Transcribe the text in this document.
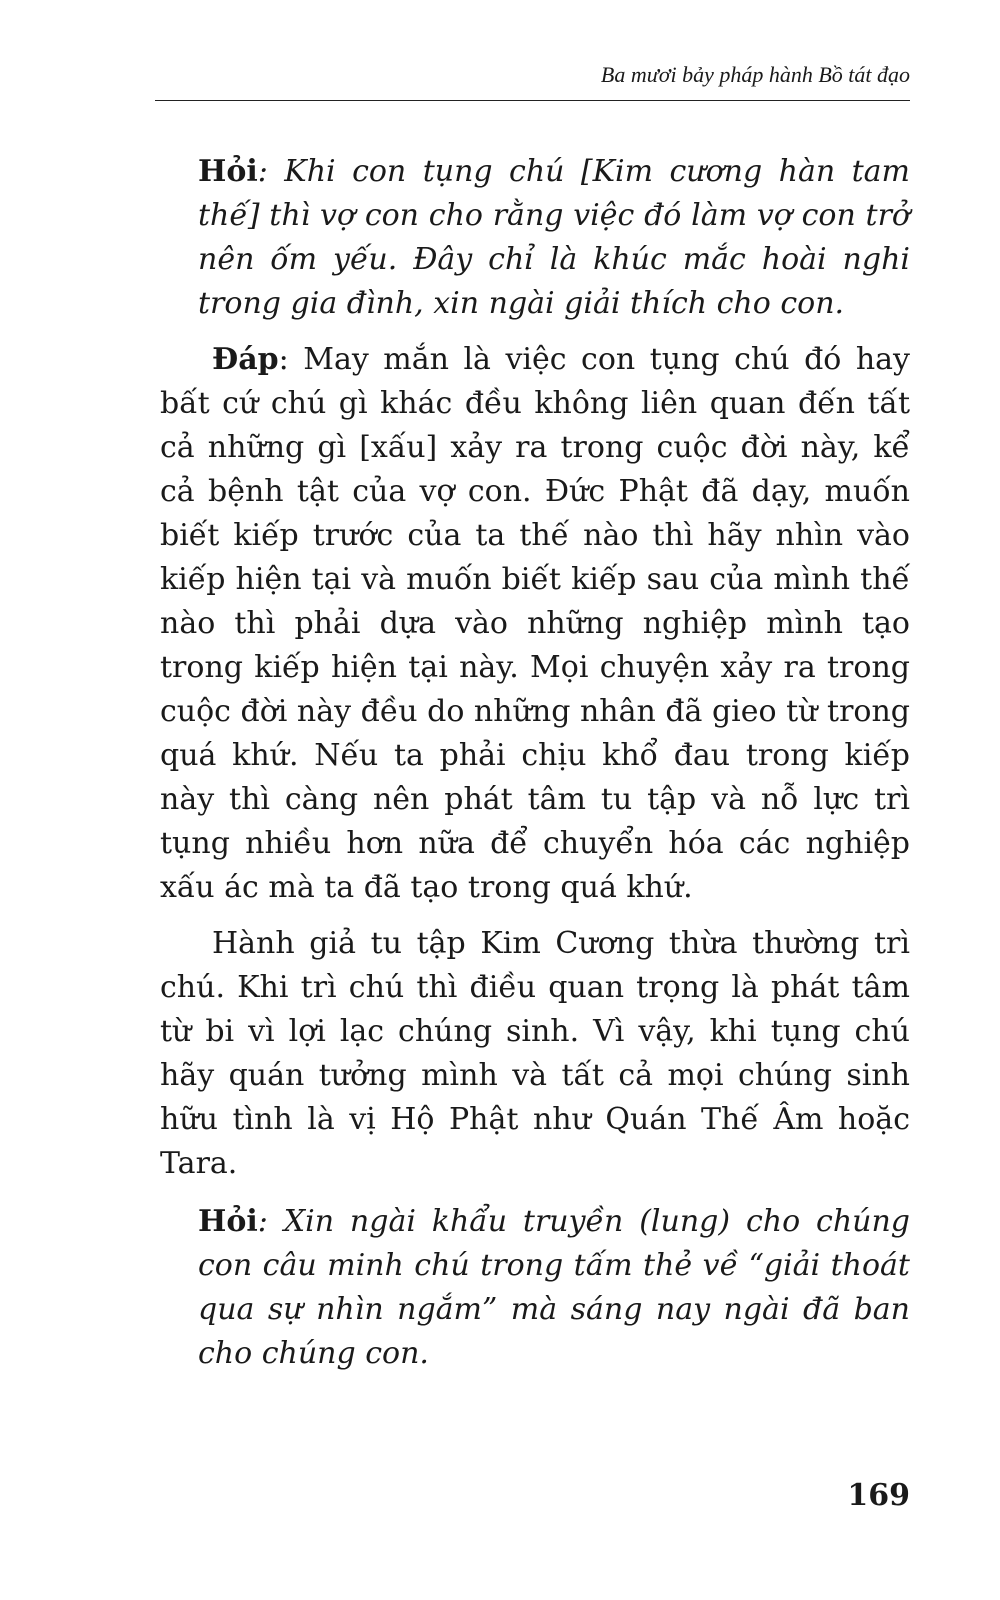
Ba mươi bảy pháp hành Bồ tát đạo

Hỏi: Khi con tụng chú [Kim cương hàn tam thế] thì vợ con cho rằng việc đó làm vợ con trở nên ốm yếu. Đây chỉ là khúc mắc hoài nghi trong gia đình, xin ngài giải thích cho con.

Đáp: May mắn là việc con tụng chú đó hay bất cứ chú gì khác đều không liên quan đến tất cả những gì [xấu] xảy ra trong cuộc đời này, kể cả bệnh tật của vợ con. Đức Phật đã dạy, muốn biết kiếp trước của ta thế nào thì hãy nhìn vào kiếp hiện tại và muốn biết kiếp sau của mình thế nào thì phải dựa vào những nghiệp mình tạo trong kiếp hiện tại này. Mọi chuyện xảy ra trong cuộc đời này đều do những nhân đã gieo từ trong quá khứ. Nếu ta phải chịu khổ đau trong kiếp này thì càng nên phát tâm tu tập và nỗ lực trì tụng nhiều hơn nữa để chuyển hóa các nghiệp xấu ác mà ta đã tạo trong quá khứ.

Hành giả tu tập Kim Cương thừa thường trì chú. Khi trì chú thì điều quan trọng là phát tâm từ bi vì lợi lạc chúng sinh. Vì vậy, khi tụng chú hãy quán tưởng mình và tất cả mọi chúng sinh hữu tình là vị Hộ Phật như Quán Thế Âm hoặc Tara.

Hỏi: Xin ngài khẩu truyền (lung) cho chúng con câu minh chú trong tấm thẻ về “giải thoát qua sự nhìn ngắm” mà sáng nay ngài đã ban cho chúng con.

169
